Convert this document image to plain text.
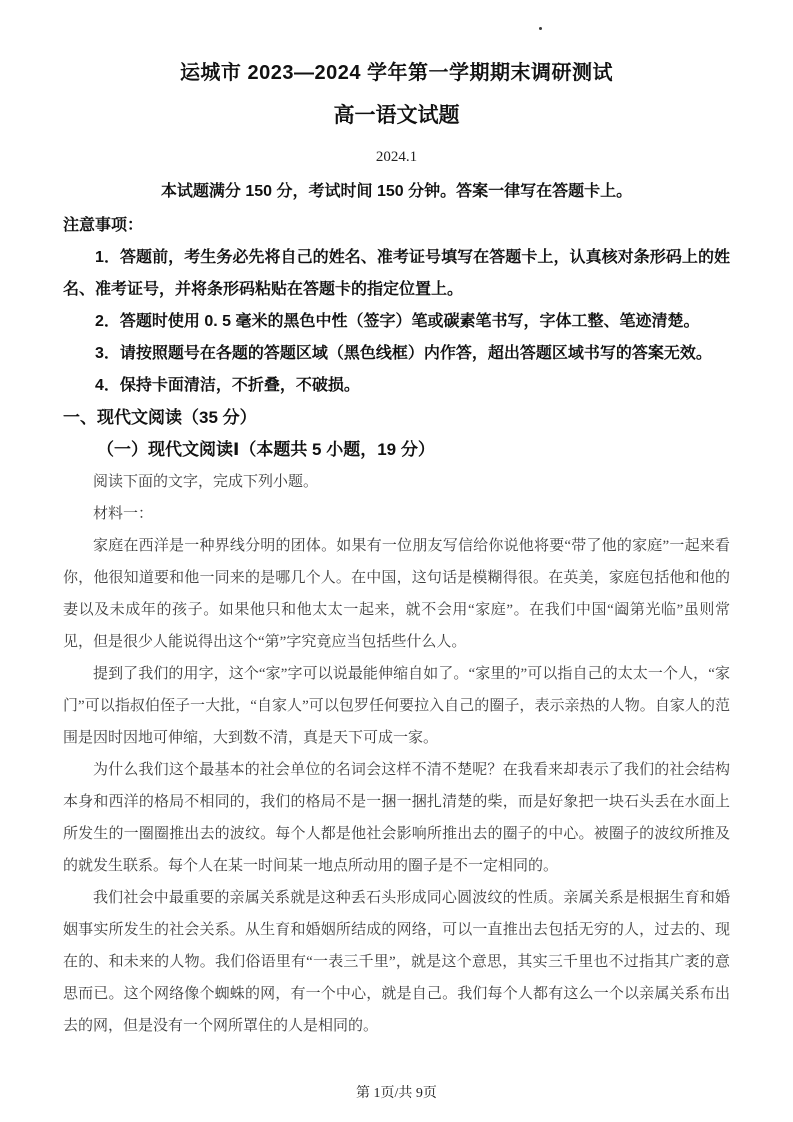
运城市 2023—2024 学年第一学期期末调研测试
高一语文试题
2024.1
本试题满分 150 分，考试时间 150 分钟。答案一律写在答题卡上。
注意事项：

1．答题前，考生务必先将自己的姓名、准考证号填写在答题卡上，认真核对条形码上的姓名、准考证号，并将条形码粘贴在答题卡的指定位置上。

2．答题时使用 0. 5 毫米的黑色中性（签字）笔或碳素笔书写，字体工整、笔迹清楚。

3．请按照题号在各题的答题区域（黑色线框）内作答，超出答题区域书写的答案无效。

4．保持卡面清洁，不折叠，不破损。

一、现代文阅读（35 分）
（一）现代文阅读Ⅰ（本题共 5 小题，19 分）

阅读下面的文字，完成下列小题。

材料一：

家庭在西洋是一种界线分明的团体。如果有一位朋友写信给你说他将要“带了他的家庭”一起来看你，他很知道要和他一同来的是哪几个人。在中国，这句话是模糊得很。在英美，家庭包括他和他的妻以及未成年的孩子。如果他只和他太太一起来，就不会用“家庭”。在我们中国“阖第光临”虽则常见，但是很少人能说得出这个“第”字究竟应当包括些什么人。

提到了我们的用字，这个“家”字可以说最能伸缩自如了。“家里的”可以指自己的太太一个人，“家门”可以指叔伯侄子一大批，“自家人”可以包罗任何要拉入自己的圈子，表示亲热的人物。自家人的范围是因时因地可伸缩，大到数不清，真是天下可成一家。

为什么我们这个最基本的社会单位的名词会这样不清不楚呢？在我看来却表示了我们的社会结构本身和西洋的格局不相同的，我们的格局不是一捆一捆扎清楚的柴，而是好象把一块石头丢在水面上所发生的一圈圈推出去的波纹。每个人都是他社会影响所推出去的圈子的中心。被圈子的波纹所推及的就发生联系。每个人在某一时间某一地点所动用的圈子是不一定相同的。

我们社会中最重要的亲属关系就是这种丢石头形成同心圆波纹的性质。亲属关系是根据生育和婚姻事实所发生的社会关系。从生育和婚姻所结成的网络，可以一直推出去包括无穷的人，过去的、现在的、和未来的人物。我们俗语里有“一表三千里”，就是这个意思，其实三千里也不过指其广袤的意思而已。这个网络像个蜘蛛的网，有一个中心，就是自己。我们每个人都有这么一个以亲属关系布出去的网，但是没有一个网所罩住的人是相同的。

第 1页/共 9页
